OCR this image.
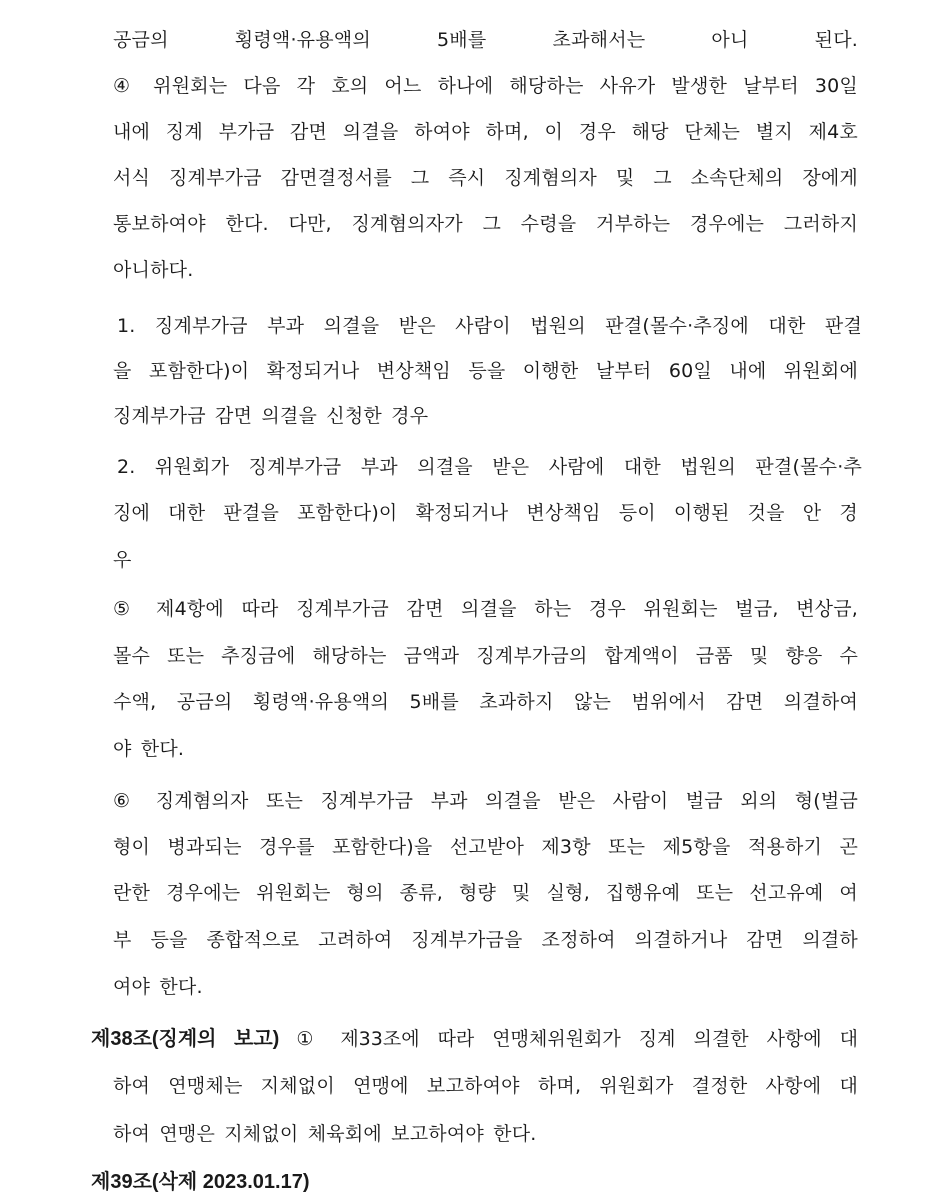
공금의 횡령액·유용액의 5배를 초과해서는 아니 된다.
④ 위원회는 다음 각 호의 어느 하나에 해당하는 사유가 발생한 날부터 30일
내에 징계 부가금 감면 의결을 하여야 하며, 이 경우 해당 단체는 별지 제4호
서식 징계부가금 감면결정서를 그 즉시 징계혐의자 및 그 소속단체의 장에게
통보하여야 한다. 다만, 징계혐의자가 그 수령을 거부하는 경우에는 그러하지
아니하다.
1. 징계부가금 부과 의결을 받은 사람이 법원의 판결(몰수·추징에 대한 판결
을 포함한다)이 확정되거나 변상책임 등을 이행한 날부터 60일 내에 위원회에
징계부가금 감면 의결을 신청한 경우
2. 위원회가 징계부가금 부과 의결을 받은 사람에 대한 법원의 판결(몰수·추
징에 대한 판결을 포함한다)이 확정되거나 변상책임 등이 이행된 것을 안 경
우
⑤ 제4항에 따라 징계부가금 감면 의결을 하는 경우 위원회는 벌금, 변상금,
몰수 또는 추징금에 해당하는 금액과 징계부가금의 합계액이 금품 및 향응 수
수액, 공금의 횡령액·유용액의 5배를 초과하지 않는 범위에서 감면 의결하여
야 한다.
⑥ 징계혐의자 또는 징계부가금 부과 의결을 받은 사람이 벌금 외의 형(벌금
형이 병과되는 경우를 포함한다)을 선고받아 제3항 또는 제5항을 적용하기 곤
란한 경우에는 위원회는 형의 종류, 형량 및 실형, 집행유예 또는 선고유예 여
부 등을 종합적으로 고려하여 징계부가금을 조정하여 의결하거나 감면 의결하
여야 한다.
제38조(징계의 보고) ① 제33조에 따라 연맹체위원회가 징계 의결한 사항에 대
하여 연맹체는 지체없이 연맹에 보고하여야 하며, 위원회가 결정한 사항에 대
하여 연맹은 지체없이 체육회에 보고하여야 한다.
제39조(삭제 2023.01.17)
